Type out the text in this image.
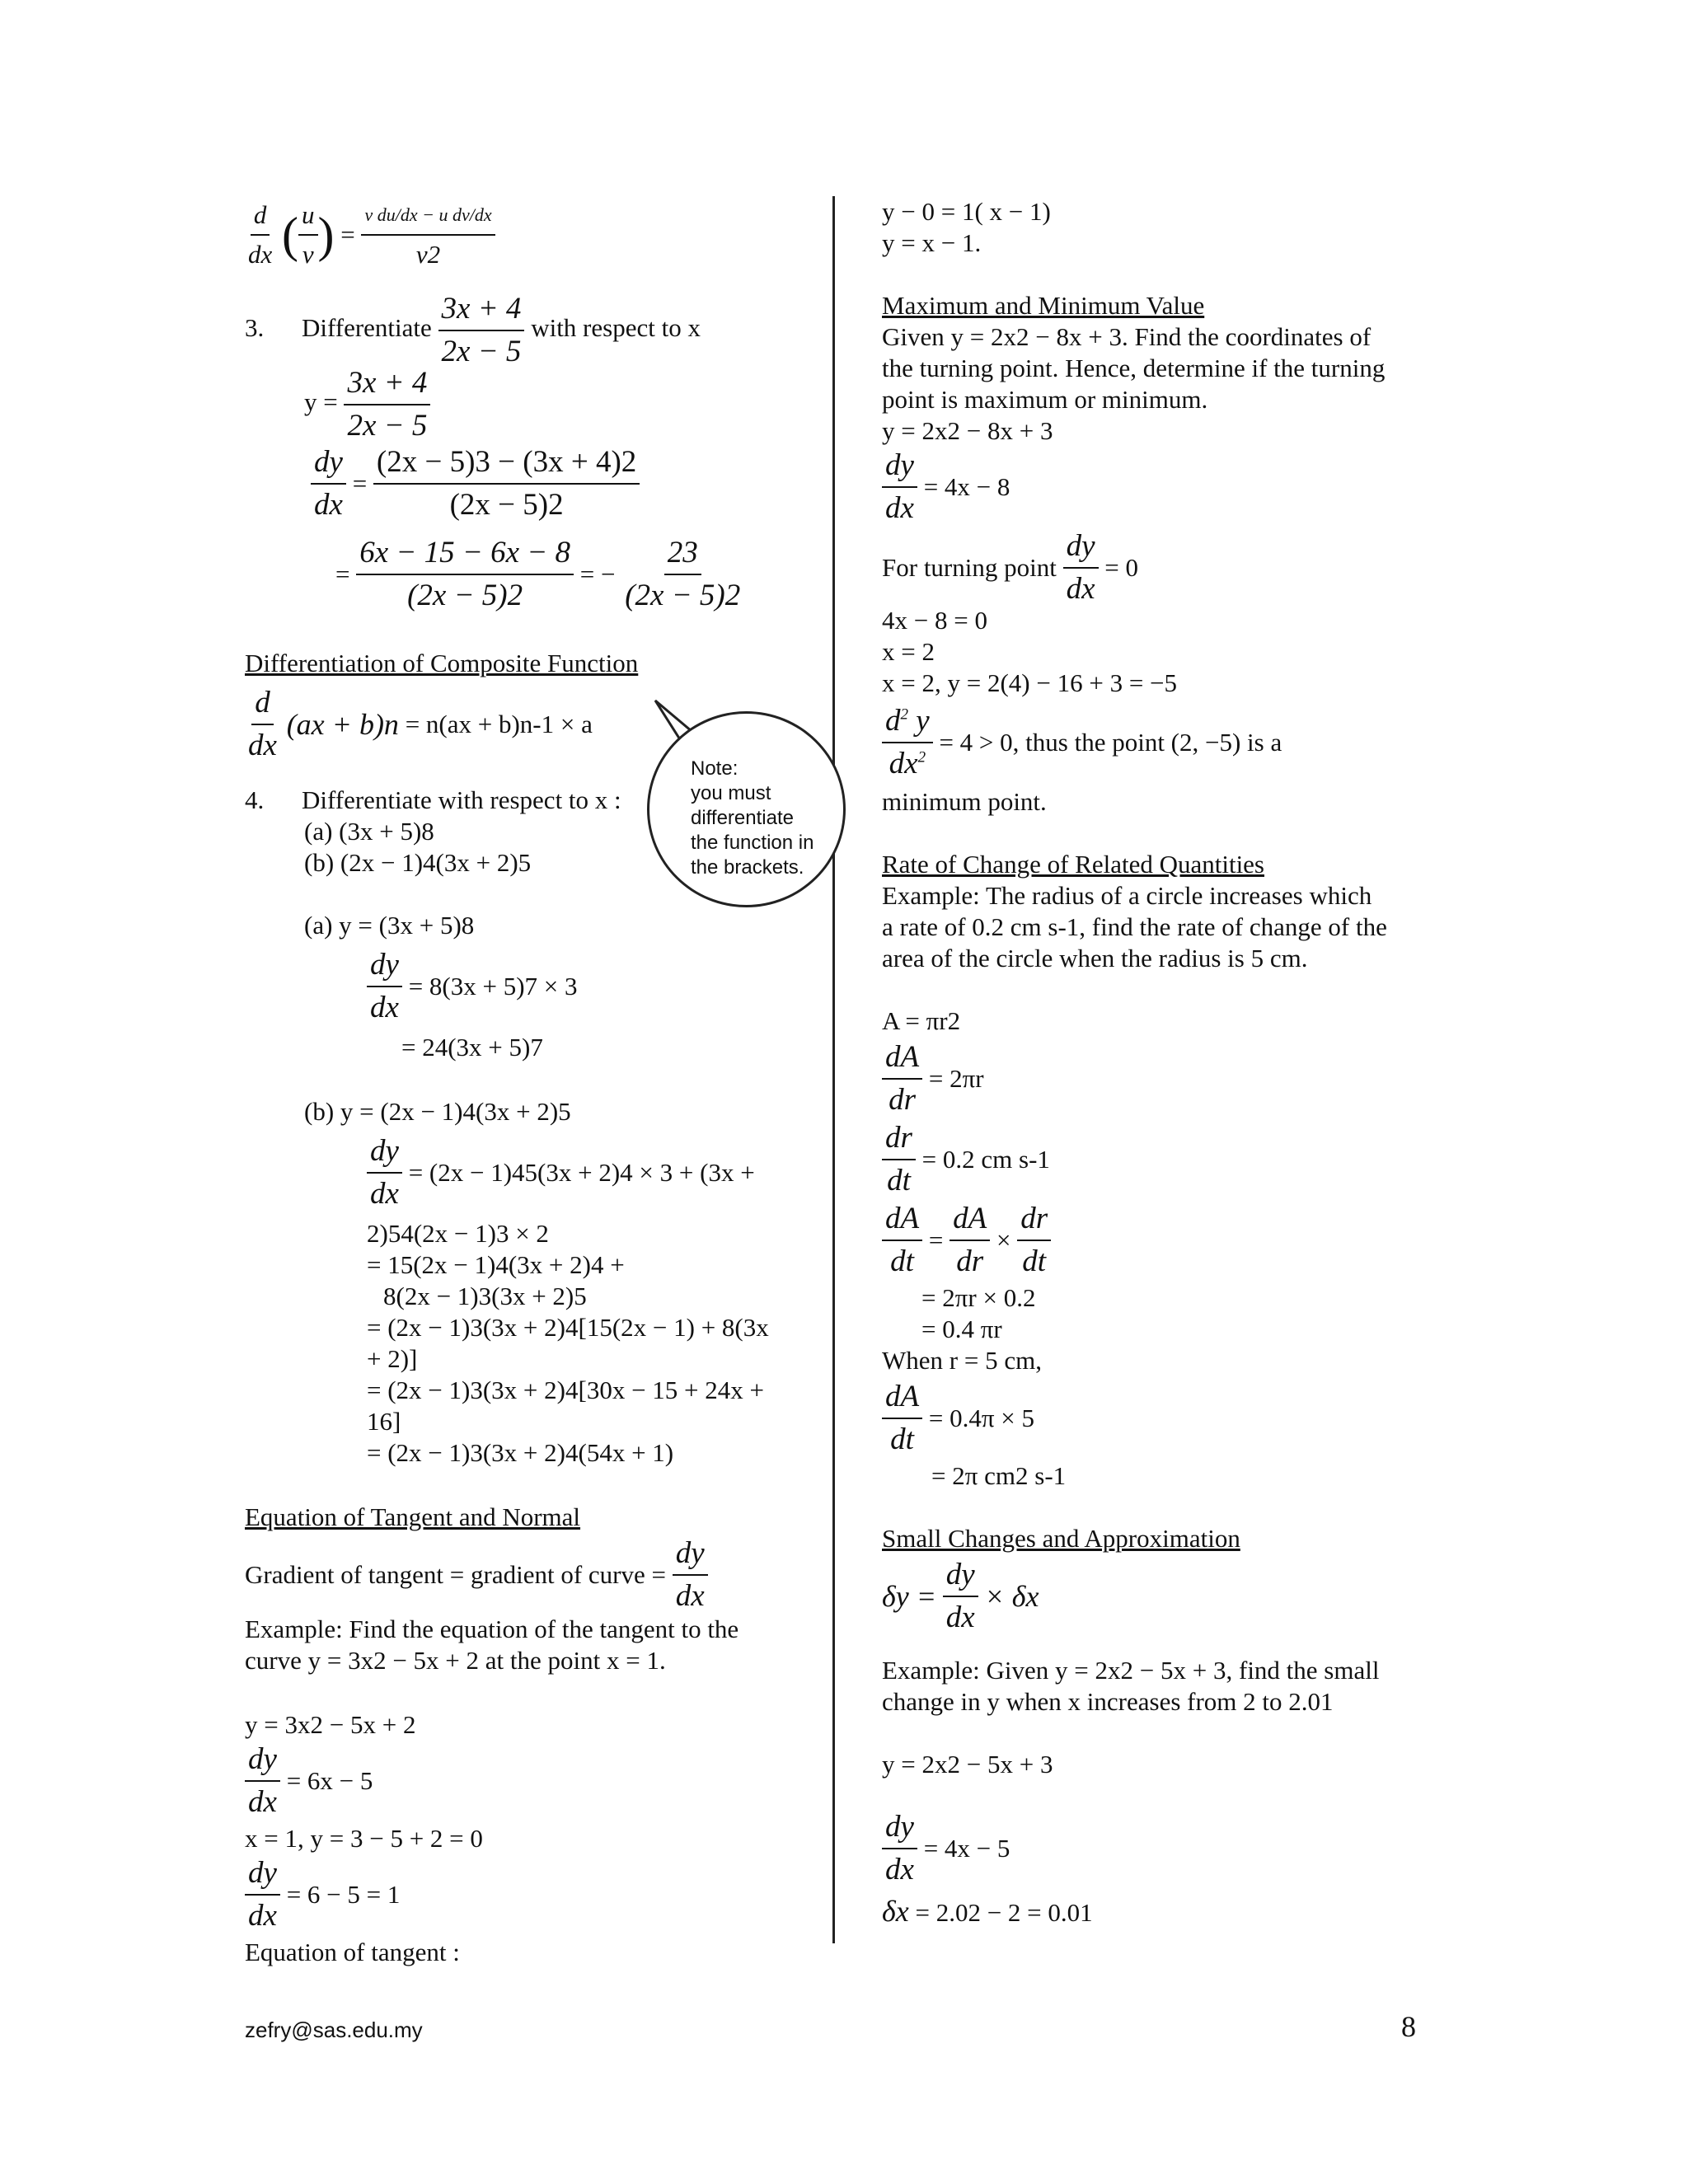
$\frac{d}{dx}$ ( $\frac{u}{v}$ ) =
v du/dx − u dv/dx
v2
3. Differentiate $\frac{3x + 4}{2x - 5}$ with respect to x
$y = \frac{3x + 4}{2x - 5}$
$\frac{dy}{dx} = \frac{(2x - 5)3 - (3x + 4)2}{(2x - 5)2}$
= $\frac{6x - 15 - 6x - 8}{(2x - 5)2}$ = − $\frac{23}{(2x - 5)2}$
Differentiation of Composite Function
$\frac{d}{dx} (ax + b)n = n(ax + b)n-1 \times a$
4. Differentiate with respect to x :
(a) (3x + 5)8
(b) (2x − 1)4(3x + 2)5
(a) y = (3x + 5)8
$\frac{dy}{dx} = 8(3x + 5)7 \times 3$
= 24(3x + 5)7
(b) y = (2x − 1)4(3x + 2)5
$\frac{dy}{dx} = (2x - 1)45(3x + 2)4 \times 3 + (3x$ +
2)54(2x − 1)3 × 2
= 15(2x − 1)4(3x + 2)4 +
8(2x − 1)3(3x + 2)5
= (2x − 1)3(3x + 2)4[15(2x − 1) + 8(3x
+ 2)]
= (2x − 1)3(3x + 2)4[30x − 15 + 24x +
16]
= (2x − 1)3(3x + 2)4(54x + 1)
Equation of Tangent and Normal
Gradient of tangent = gradient of curve = $\frac{dy}{dx}$
Example: Find the equation of the tangent to the
curve y = 3x2 − 5x + 2 at the point x = 1.
y = 3x2 − 5x + 2
$\frac{dy}{dx} = 6x - 5$
x = 1, y = 3 − 5 + 2 = 0
$\frac{dy}{dx} = 6 - 5 = 1$
Equation of tangent :
Note:
you must
differentiate
the function in
the brackets.
y − 0 = 1( x − 1)
y = x − 1.
Maximum and Minimum Value
Given y = 2x2 − 8x + 3. Find the coordinates of
the turning point. Hence, determine if the turning
point is maximum or minimum.
y = 2x2 − 8x + 3
$\frac{dy}{dx} = 4x - 8$
For turning point $\frac{dy}{dx} = 0$
4x − 8 = 0
x = 2
x = 2, y = 2(4) − 16 + 3 = −5
$\frac{d^2 y}{dx^2} = 4 > 0$, thus the point (2, −5) is a
minimum point.
Rate of Change of Related Quantities
Example: The radius of a circle increases which
a rate of 0.2 cm s-1, find the rate of change of the
area of the circle when the radius is 5 cm.
A = πr2
$\frac{dA}{dr} = 2\pi r$
$\frac{dr}{dt} = 0.2$ cm s-1
$\frac{dA}{dt} = \frac{dA}{dr} \times \frac{dr}{dt}$
= 2πr × 0.2
= 0.4 πr
When r = 5 cm,
$\frac{dA}{dt} = 0.4\pi \times 5$
= 2π cm2 s-1
Small Changes and Approximation
$\delta y = \frac{dy}{dx} \times \delta x$
Example: Given y = 2x2 − 5x + 3, find the small
change in y when x increases from 2 to 2.01
y = 2x2 − 5x + 3
$\frac{dy}{dx} = 4x - 5$
δx = 2.02 − 2 = 0.01
zefry@sas.edu.my	8
